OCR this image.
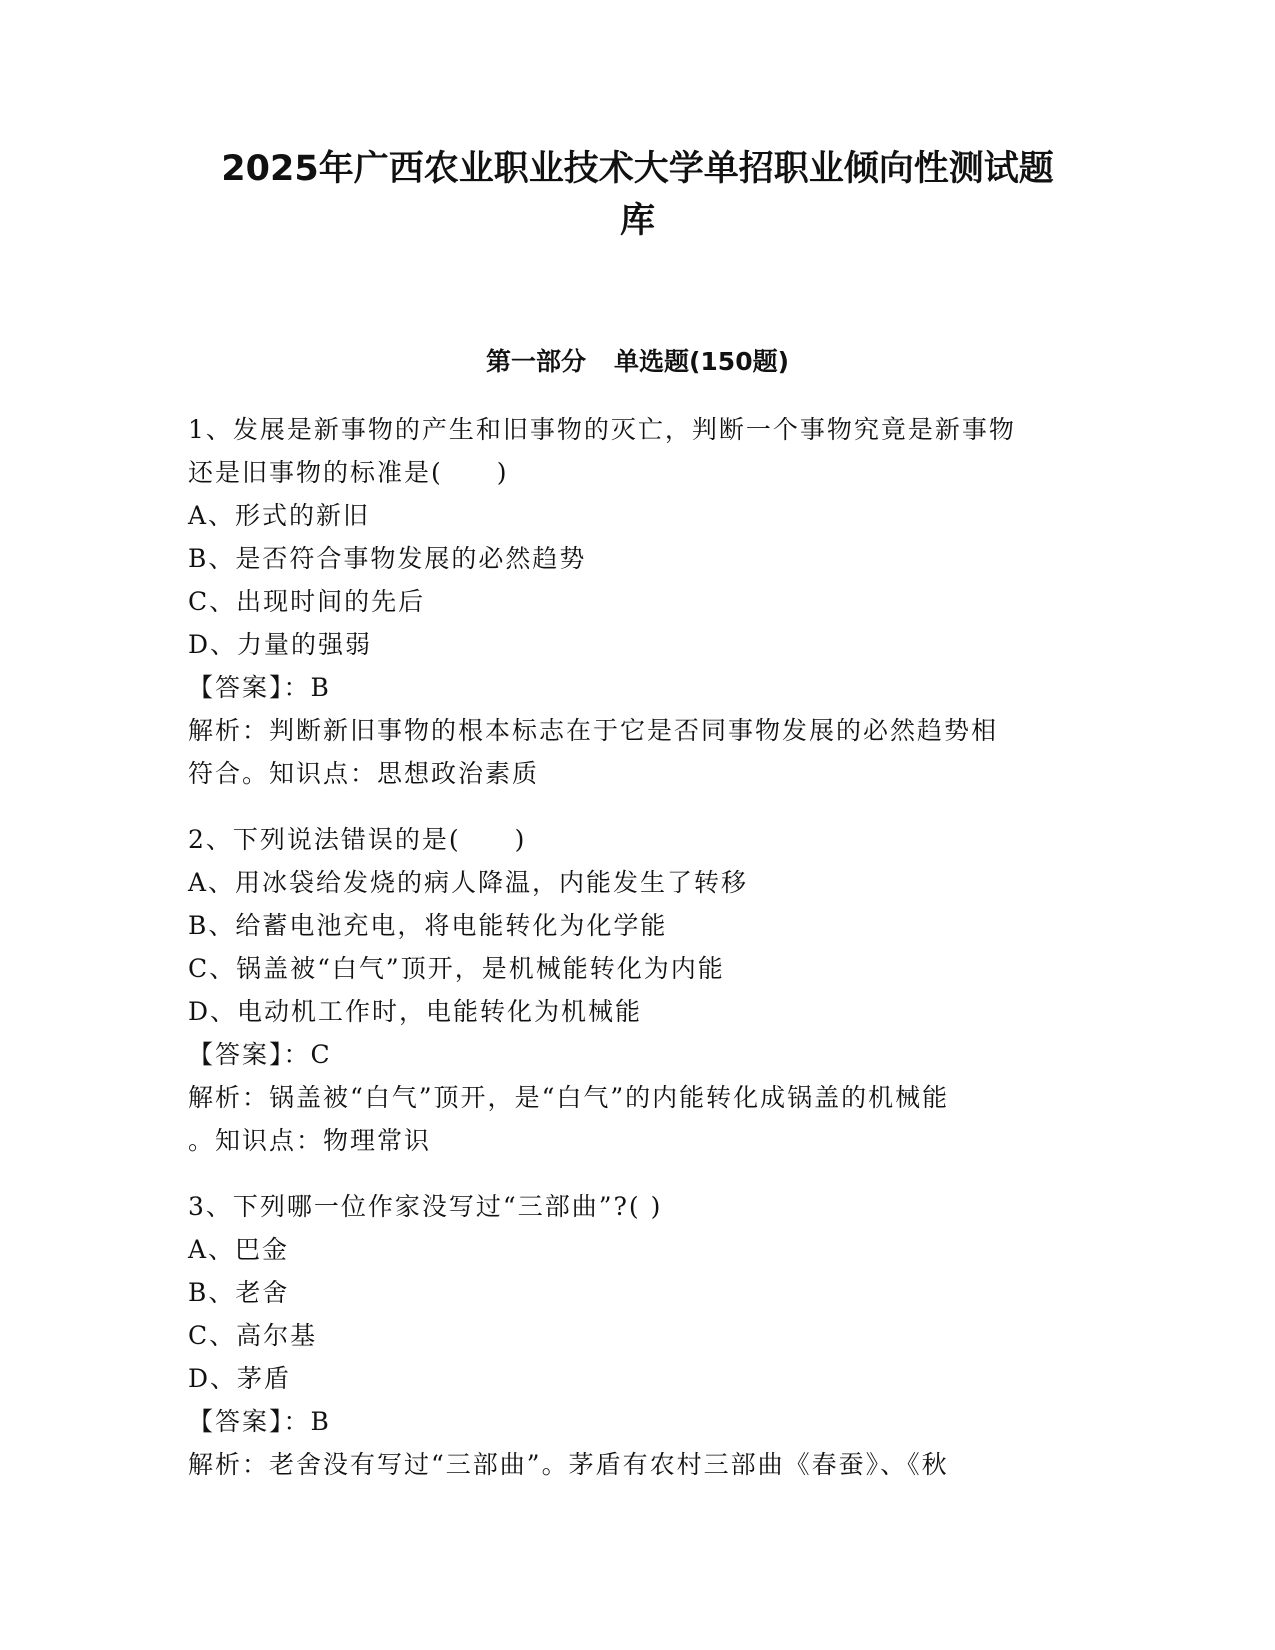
2025年广西农业职业技术大学单招职业倾向性测试题
库
第一部分 单选题(150题)
1、发展是新事物的产生和旧事物的灭亡，判断一个事物究竟是新事物
还是旧事物的标准是(　　)
A、形式的新旧
B、是否符合事物发展的必然趋势
C、出现时间的先后
D、力量的强弱
【答案】：B
解析：判断新旧事物的根本标志在于它是否同事物发展的必然趋势相
符合。知识点：思想政治素质
2、下列说法错误的是(　　)
A、用冰袋给发烧的病人降温，内能发生了转移
B、给蓄电池充电，将电能转化为化学能
C、锅盖被“白气”顶开，是机械能转化为内能
D、电动机工作时，电能转化为机械能
【答案】：C
解析：锅盖被“白气”顶开，是“白气”的内能转化成锅盖的机械能
。知识点：物理常识
3、下列哪一位作家没写过“三部曲”?( )
A、巴金
B、老舍
C、高尔基
D、茅盾
【答案】：B
解析：老舍没有写过“三部曲”。茅盾有农村三部曲《春蚕》、《秋
